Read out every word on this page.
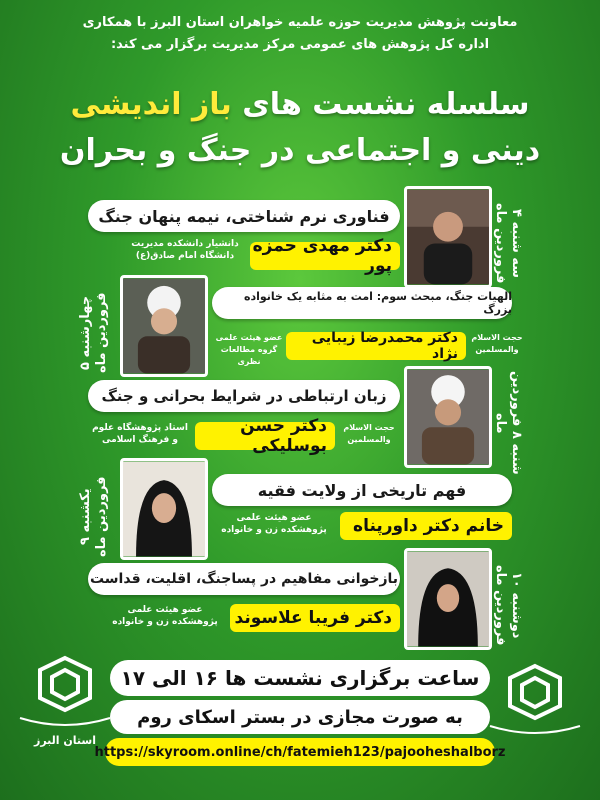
معاونت پژوهش مدیریت حوزه علمیه خواهران استان البرز با همکاری
اداره کل پژوهش های عمومی مرکز مدیریت برگزار می کند:
سلسله نشست های باز اندیشی
دینی و اجتماعی در جنگ و بحران
سه شنبه ۴ فروردین ماه
فناوری نرم شناختی، نیمه پنهان جنگ
دکتر مهدی حمزه پور
دانشیار دانشکده مدیریت دانشگاه امام صادق(ع)
چهارشنبه ۵ فروردین ماه	الهیات جنگ، مبحث سوم: امت به مثابه یک خانواده بزرگ
دکتر محمدرضا زیبایی نژاد
حجت الاسلام والمسلمین
عضو هیئت علمی گروه مطالعات نظری
شنبه ۸ فروردین ماه
زبان ارتباطی در شرایط بحرانی و جنگ
دکتر حسن بوسلیکی
حجت الاسلام والمسلمین
استاد پژوهشگاه علوم و فرهنگ اسلامی
یکشنبه ۹ فروردین ماه	فهم تاریخی از ولایت فقیه
خانم دکتر داورپناه
عضو هیئت علمی پژوهشکده زن و خانواده
دوشنبه ۱۰ فروردین ماه
بازخوانی مفاهیم در پساجنگ، اقلیت، قداست
دکتر فریبا علاسوند
عضو هیئت علمی پژوهشکده زن و خانواده
استان البرز
ساعت برگزاری نشست ها ۱۶ الی ۱۷
به صورت مجازی در بستر اسکای روم
https://skyroom.online/ch/fatemieh123/pajooheshalborz
